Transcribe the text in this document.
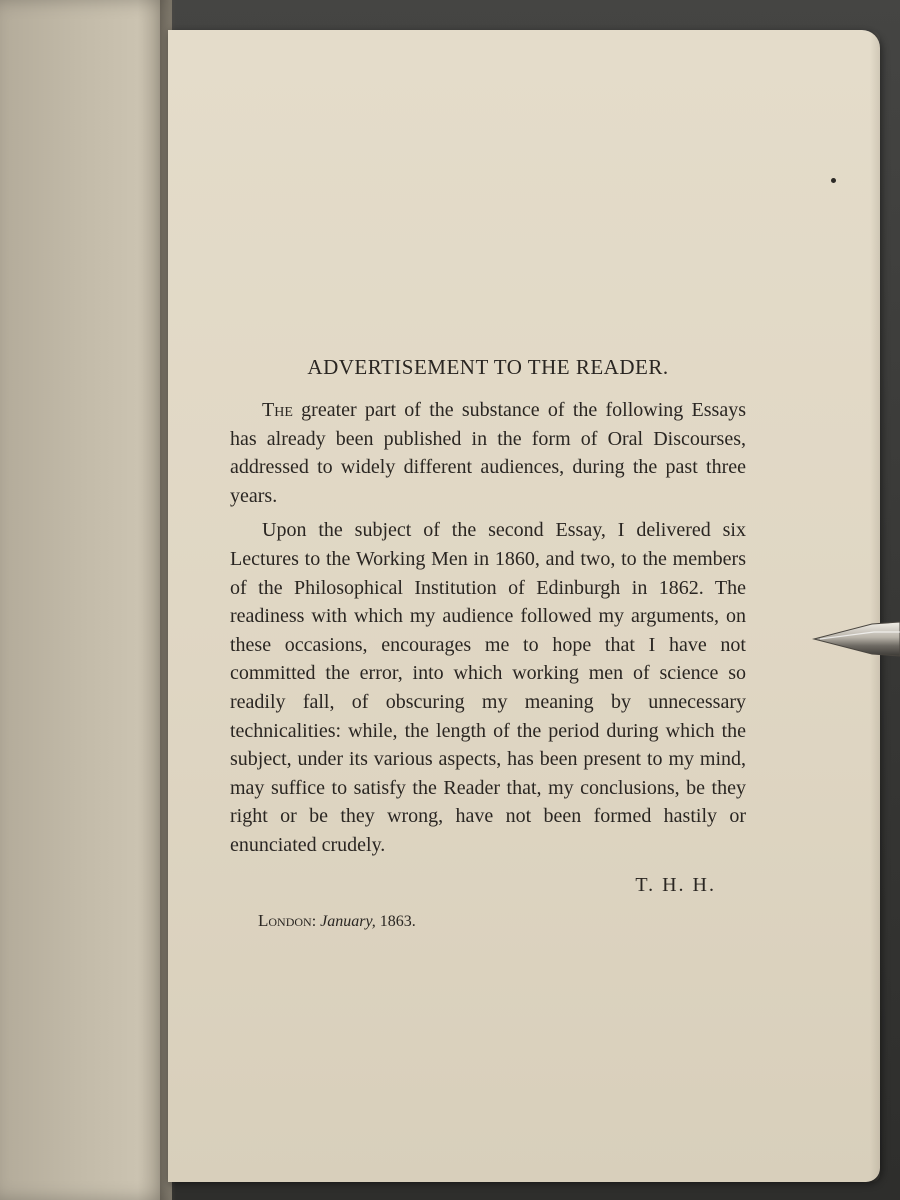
ADVERTISEMENT TO THE READER.

The greater part of the substance of the following Essays has already been published in the form of Oral Discourses, addressed to widely different audiences, during the past three years.

Upon the subject of the second Essay, I delivered six Lectures to the Working Men in 1860, and two, to the members of the Philosophical Institution of Edinburgh in 1862. The readiness with which my audience followed my arguments, on these occasions, encourages me to hope that I have not committed the error, into which working men of science so readily fall, of obscuring my meaning by unnecessary technicalities: while, the length of the period during which the subject, under its various aspects, has been present to my mind, may suffice to satisfy the Reader that, my conclusions, be they right or be they wrong, have not been formed hastily or enunciated crudely.

T. H. H.
London: January, 1863.
